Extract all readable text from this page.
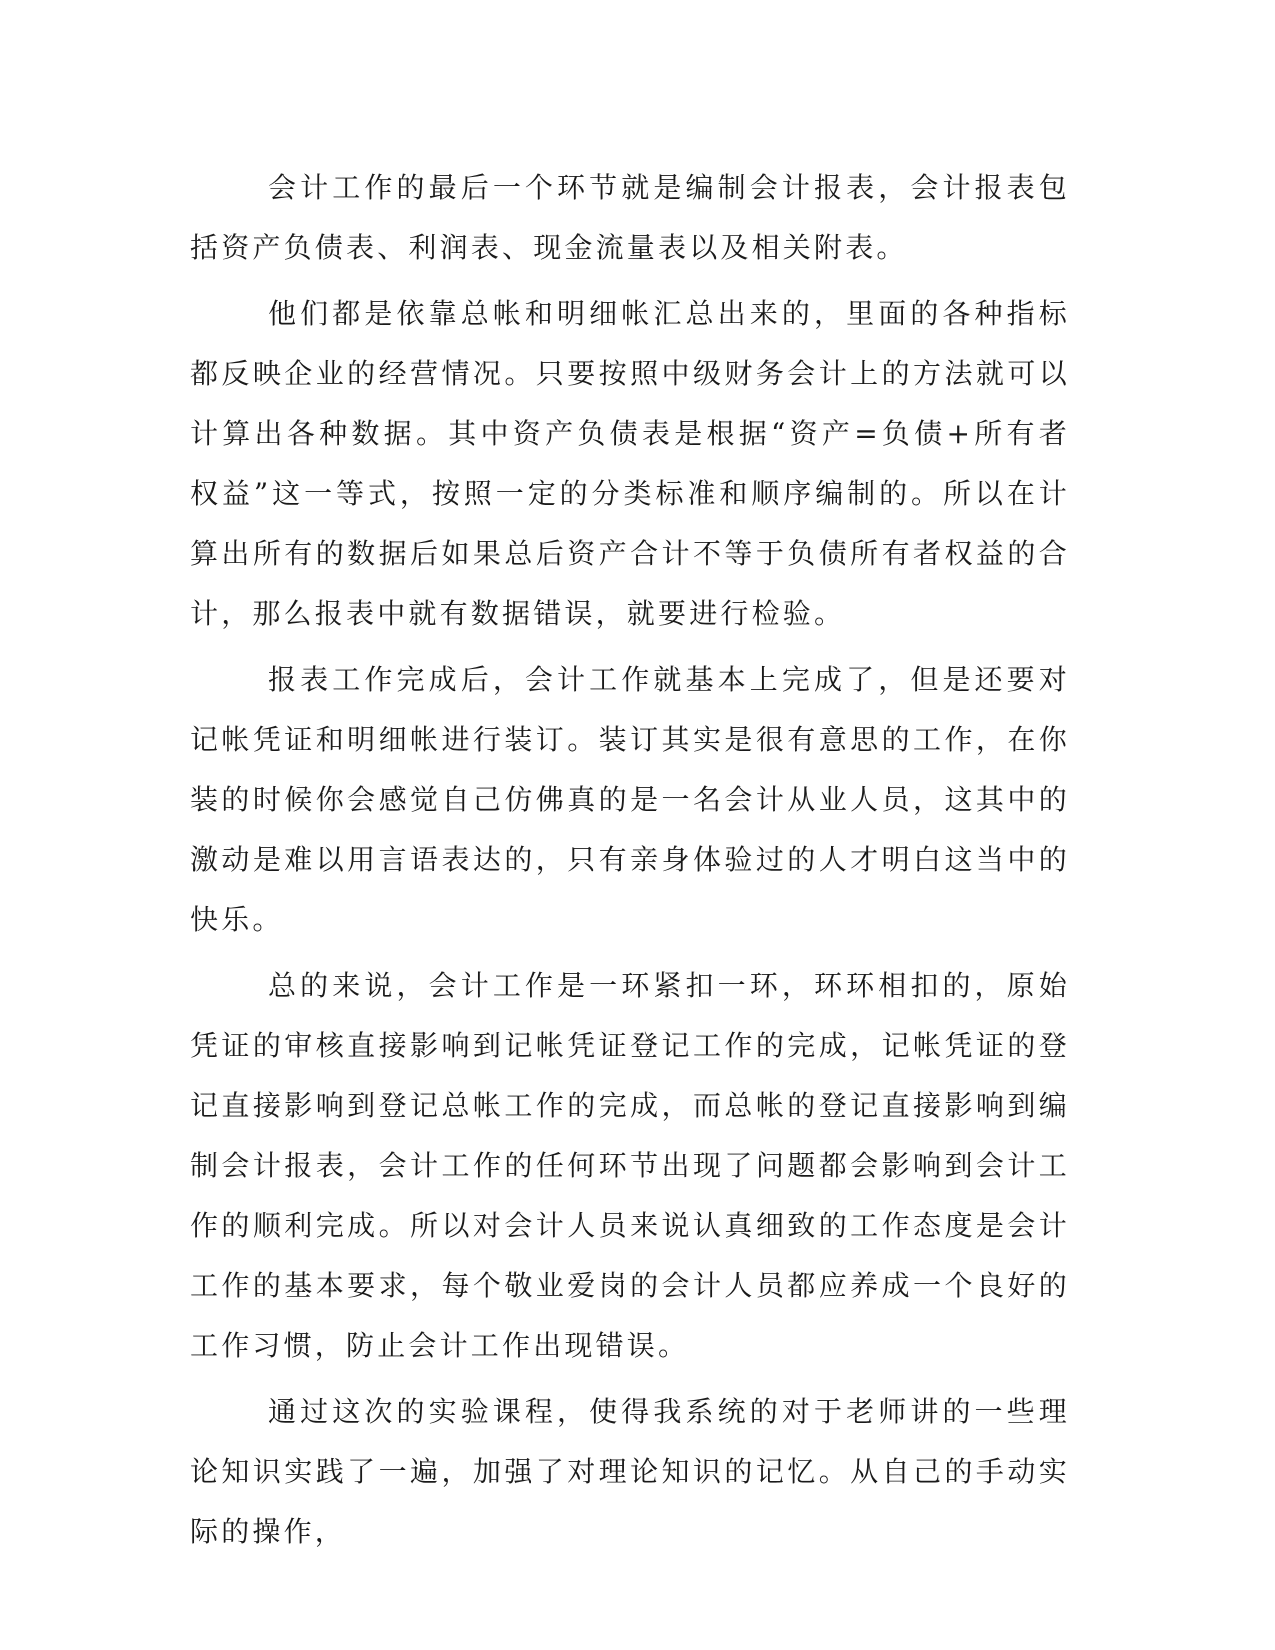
会计工作的最后一个环节就是编制会计报表，会计报表包括资产负债表、利润表、现金流量表以及相关附表。

他们都是依靠总帐和明细帐汇总出来的，里面的各种指标都反映企业的经营情况。只要按照中级财务会计上的方法就可以计算出各种数据。其中资产负债表是根据“资产=负债+所有者权益”这一等式，按照一定的分类标准和顺序编制的。所以在计算出所有的数据后如果总后资产合计不等于负债所有者权益的合计，那么报表中就有数据错误，就要进行检验。

报表工作完成后，会计工作就基本上完成了，但是还要对记帐凭证和明细帐进行装订。装订其实是很有意思的工作，在你装的时候你会感觉自己仿佛真的是一名会计从业人员，这其中的激动是难以用言语表达的，只有亲身体验过的人才明白这当中的快乐。

总的来说，会计工作是一环紧扣一环，环环相扣的，原始凭证的审核直接影响到记帐凭证登记工作的完成，记帐凭证的登记直接影响到登记总帐工作的完成，而总帐的登记直接影响到编制会计报表，会计工作的任何环节出现了问题都会影响到会计工作的顺利完成。所以对会计人员来说认真细致的工作态度是会计工作的基本要求，每个敬业爱岗的会计人员都应养成一个良好的工作习惯，防止会计工作出现错误。

通过这次的实验课程，使得我系统的对于老师讲的一些理论知识实践了一遍，加强了对理论知识的记忆。从自己的手动实际的操作，
